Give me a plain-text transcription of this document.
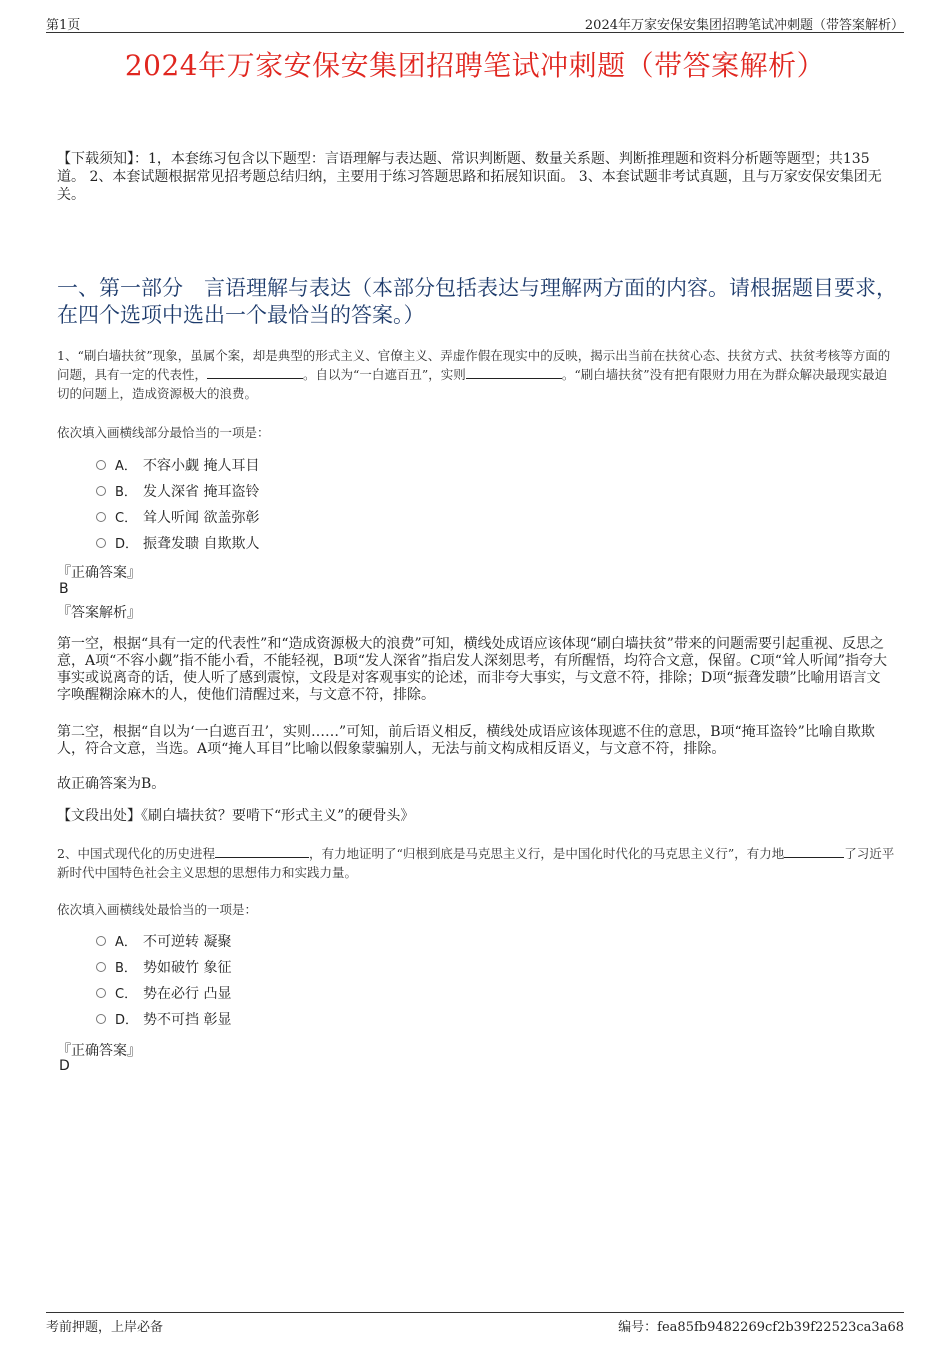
第1页	2024年万家安保安集团招聘笔试冲刺题（带答案解析）
2024年万家安保安集团招聘笔试冲刺题（带答案解析）
【下载须知】：1，本套练习包含以下题型：言语理解与表达题、常识判断题、数量关系题、判断推理题和资料分析题等题型；共135道。 2、本套试题根据常见招考题总结归纳，主要用于练习答题思路和拓展知识面。 3、本套试题非考试真题，且与万家安保安集团无关。
一、第一部分　言语理解与表达（本部分包括表达与理解两方面的内容。请根据题目要求，在四个选项中选出一个最恰当的答案。）
1、“刷白墙扶贫”现象，虽属个案，却是典型的形式主义、官僚主义、弄虚作假在现实中的反映，揭示出当前在扶贫心态、扶贫方式、扶贫考核等方面的问题，具有一定的代表性，	。自以为“一白遮百丑”，实则	。“刷白墙扶贫”没有把有限财力用在为群众解决最现实最迫切的问题上，造成资源极大的浪费。
依次填入画横线部分最恰当的一项是：
A． 不容小觑 掩人耳目
B． 发人深省 掩耳盗铃
C． 耸人听闻 欲盖弥彰
D． 振聋发聩 自欺欺人
『正确答案』
B
『答案解析』
第一空，根据“具有一定的代表性”和“造成资源极大的浪费”可知，横线处成语应该体现“刷白墙扶贫”带来的问题需要引起重视、反思之意，A项“不容小觑”指不能小看，不能轻视，B项“发人深省”指启发人深刻思考，有所醒悟，均符合文意，保留。C项“耸人听闻”指夸大事实或说离奇的话，使人听了感到震惊，文段是对客观事实的论述，而非夸大事实，与文意不符，排除；D项“振聋发聩”比喻用语言文字唤醒糊涂麻木的人，使他们清醒过来，与文意不符，排除。
第二空，根据“自以为‘一白遮百丑’，实则……”可知，前后语义相反，横线处成语应该体现遮不住的意思，B项“掩耳盗铃”比喻自欺欺人，符合文意，当选。A项“掩人耳目”比喻以假象蒙骗别人，无法与前文构成相反语义，与文意不符，排除。
故正确答案为B。
【文段出处】《刷白墙扶贫？要啃下“形式主义”的硬骨头》
2、中国式现代化的历史进程	，有力地证明了“归根到底是马克思主义行，是中国化时代化的马克思主义行”，有力地	了习近平新时代中国特色社会主义思想的思想伟力和实践力量。
依次填入画横线处最恰当的一项是：
A． 不可逆转 凝聚
B． 势如破竹 象征
C． 势在必行 凸显
D． 势不可挡 彰显
『正确答案』
D
考前押题，上岸必备	编号：fea85fb9482269cf2b39f22523ca3a68
